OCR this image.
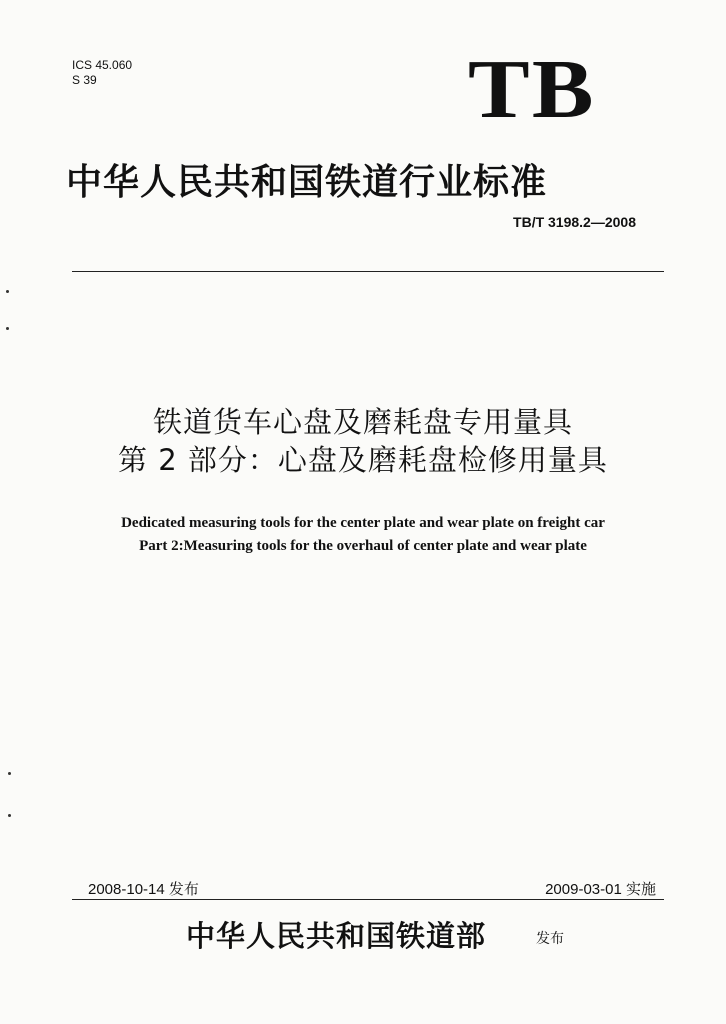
ICS 45.060
S 39	TB
中华人民共和国铁道行业标准
TB/T 3198.2—2008
铁道货车心盘及磨耗盘专用量具
第 2 部分：心盘及磨耗盘检修用量具
Dedicated measuring tools for the center plate and wear plate on freight car
Part 2:Measuring tools for the overhaul of center plate and wear plate
2008-10-14 发布	2009-03-01 实施
中华人民共和国铁道部	发布
